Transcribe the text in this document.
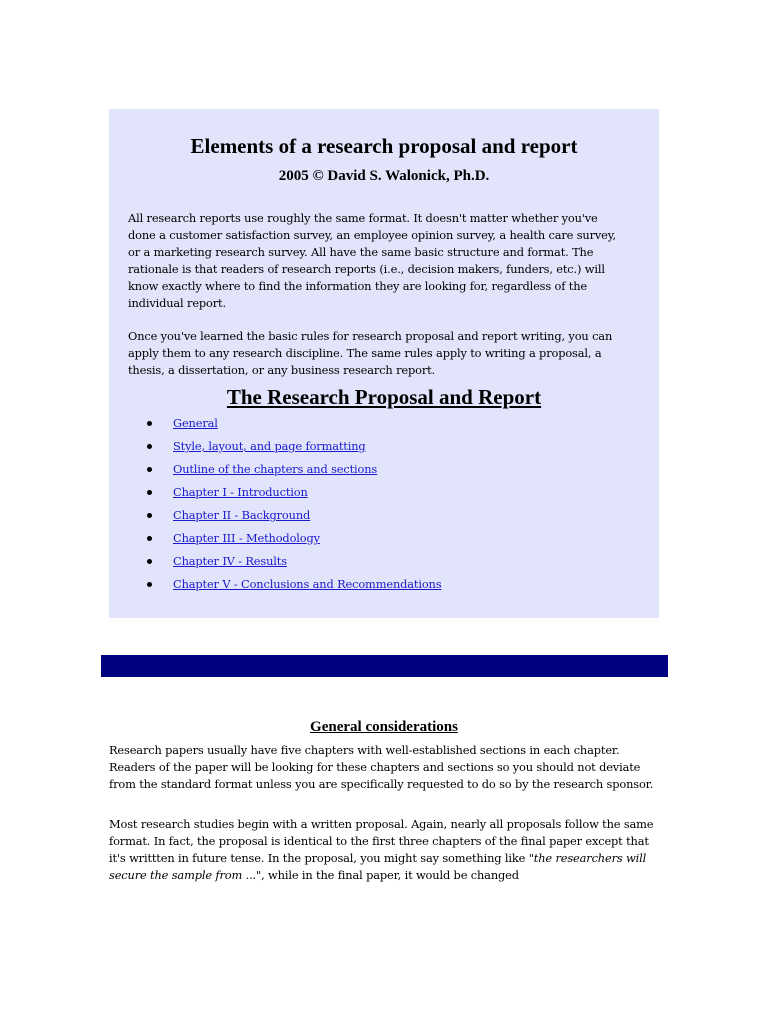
Elements of a research proposal and report

2005 © David S. Walonick, Ph.D.

All research reports use roughly the same format. It doesn't matter whether you've done a customer satisfaction survey, an employee opinion survey, a health care survey, or a marketing research survey. All have the same basic structure and format. The rationale is that readers of research reports (i.e., decision makers, funders, etc.) will know exactly where to find the information they are looking for, regardless of the individual report.

Once you've learned the basic rules for research proposal and report writing, you can apply them to any research discipline. The same rules apply to writing a proposal, a thesis, a dissertation, or any business research report.

The Research Proposal and Report
General
Style, layout, and page formatting
Outline of the chapters and sections
Chapter I - Introduction
Chapter II - Background
Chapter III - Methodology
Chapter IV - Results
Chapter V - Conclusions and Recommendations
General considerations

Research papers usually have five chapters with well-established sections in each chapter. Readers of the paper will be looking for these chapters and sections so you should not deviate from the standard format unless you are specifically requested to do so by the research sponsor.

Most research studies begin with a written proposal. Again, nearly all proposals follow the same format. In fact, the proposal is identical to the first three chapters of the final paper except that it's writtten in future tense. In the proposal, you might say something like "the researchers will secure the sample from ...", while in the final paper, it would be changed
